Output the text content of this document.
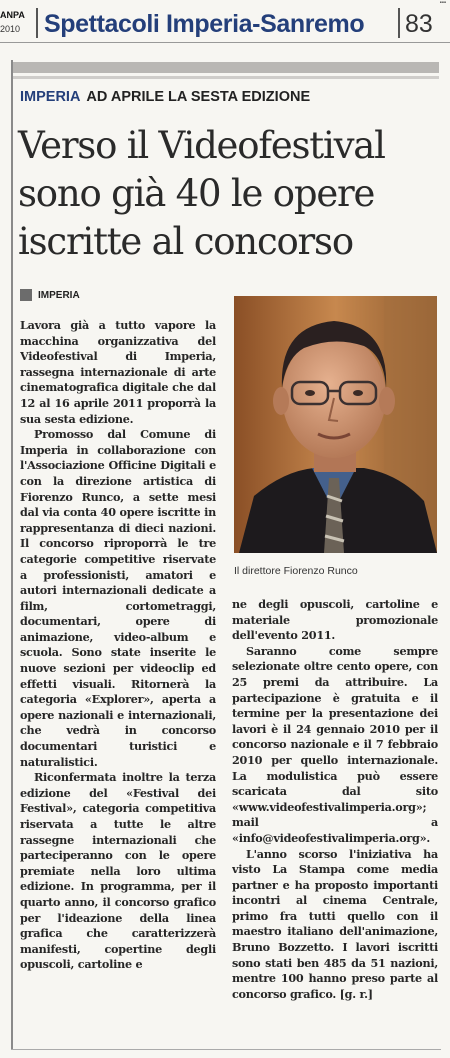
▪▪▪
ANPA
2010 Spettacoli Imperia-Sanremo 83
IMPERIA AD APRILE LA SESTA EDIZIONE
Verso il Videofestival
sono già 40 le opere
iscritte al concorso
IMPERIA

Lavora già a tutto vapore la macchina organizzativa del Videofestival di Imperia, rassegna internazionale di arte cinematografica digitale che dal 12 al 16 aprile 2011 proporrà la sua sesta edizione.

Promosso dal Comune di Imperia in collaborazione con l'Associazione Officine Digitali e con la direzione artistica di Fiorenzo Runco, a sette mesi dal via conta 40 opere iscritte in rappresentanza di dieci nazioni. Il concorso riproporrà le tre categorie competitive riservate a professionisti, amatori e autori internazionali dedicate a film, cortometraggi, documentari, opere di animazione, video-album e scuola. Sono state inserite le nuove sezioni per videoclip ed effetti visuali. Ritornerà la categoria «Explorer», aperta a opere nazionali e internazionali, che vedrà in concorso documentari turistici e naturalistici.

Riconfermata inoltre la terza edizione del «Festival dei Festival», categoria competitiva riservata a tutte le altre rassegne internazionali che parteciperanno con le opere premiate nella loro ultima edizione. In programma, per il quarto anno, il concorso grafico per l'ideazione della linea grafica che caratterizzerà manifesti, copertine degli opuscoli, cartoline e

Il direttore Fiorenzo Runco

ne degli opuscoli, cartoline e materiale promozionale dell'evento 2011.

Saranno come sempre selezionate oltre cento opere, con 25 premi da attribuire. La partecipazione è gratuita e il termine per la presentazione dei lavori è il 24 gennaio 2010 per il concorso nazionale e il 7 febbraio 2010 per quello internazionale. La modulistica può essere scaricata dal sito «www.videofestivalimperia.org»; mail a «info@videofestivalimperia.org».

L'anno scorso l'iniziativa ha visto La Stampa come media partner e ha proposto importanti incontri al cinema Centrale, primo fra tutti quello con il maestro italiano dell'animazione, Bruno Bozzetto. I lavori iscritti sono stati ben 485 da 51 nazioni, mentre 100 hanno preso parte al concorso grafico. [g. r.]
